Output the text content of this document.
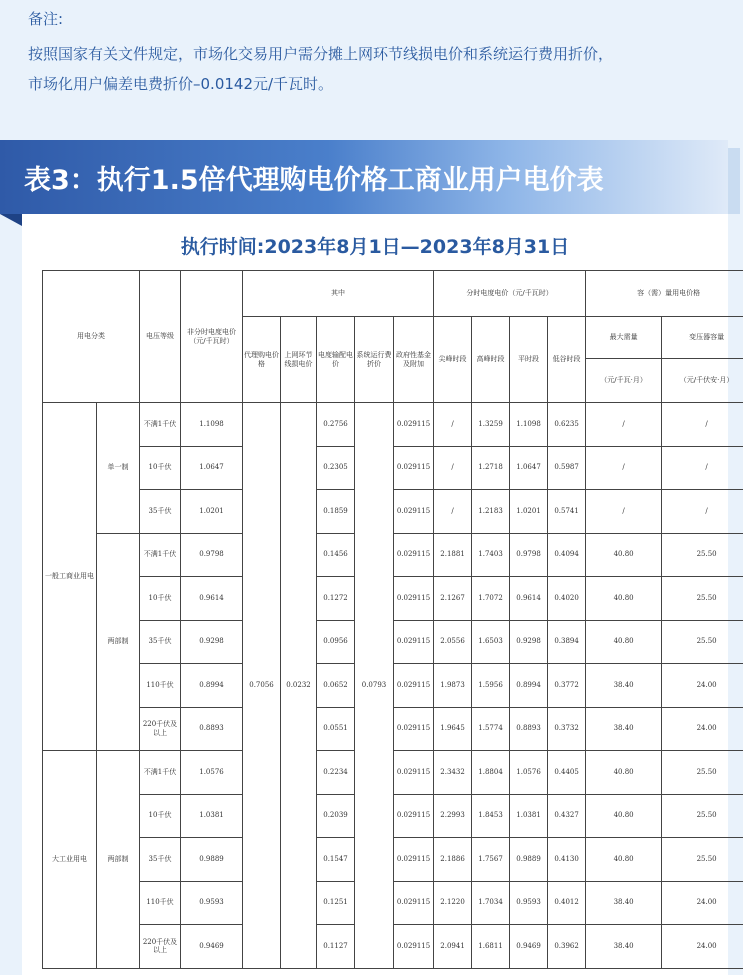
备注:
按照国家有关文件规定，市场化交易用户需分摊上网环节线损电价和系统运行费用折价，
市场化用户偏差电费折价–0.0142元/千瓦时。
表3：执行1.5倍代理购电价格工商业用户电价表
执行时间:2023年8月1日—2023年8月31日
用电分类		电压等级	非分时电度电价（元/千瓦时）	其中					分时电度电价（元/千瓦时）				容（需）量用电价格	
				代理购电价格	上网环节线损电价	电度输配电价	系统运行费折价	政府性基金及附加	尖峰时段	高峰时段	平时段	低谷时段	最大需量	变压器容量
													（元/千瓦·月）	（元/千伏安·月）
一般工商业用电	单一制	不满1千伏	1.1098	0.7056	0.0232	0.2756	0.0793	0.029115	/	1.3259	1.1098	0.6235	/	/
		10千伏	1.0647			0.2305		0.029115	/	1.2718	1.0647	0.5987	/	/
		35千伏	1.0201			0.1859		0.029115	/	1.2183	1.0201	0.5741	/	/
	两部制	不满1千伏	0.9798			0.1456		0.029115	2.1881	1.7403	0.9798	0.4094	40.80	25.50
		10千伏	0.9614			0.1272		0.029115	2.1267	1.7072	0.9614	0.4020	40.80	25.50
		35千伏	0.9298			0.0956		0.029115	2.0556	1.6503	0.9298	0.3894	40.80	25.50
		110千伏	0.8994			0.0652		0.029115	1.9873	1.5956	0.8994	0.3772	38.40	24.00
		220千伏及以上	0.8893			0.0551		0.029115	1.9645	1.5774	0.8893	0.3732	38.40	24.00
大工业用电	两部制	不满1千伏	1.0576			0.2234		0.029115	2.3432	1.8804	1.0576	0.4405	40.80	25.50
		10千伏	1.0381			0.2039		0.029115	2.2993	1.8453	1.0381	0.4327	40.80	25.50
		35千伏	0.9889			0.1547		0.029115	2.1886	1.7567	0.9889	0.4130	40.80	25.50
		110千伏	0.9593			0.1251		0.029115	2.1220	1.7034	0.9593	0.4012	38.40	24.00
		220千伏及以上	0.9469			0.1127		0.029115	2.0941	1.6811	0.9469	0.3962	38.40	24.00
